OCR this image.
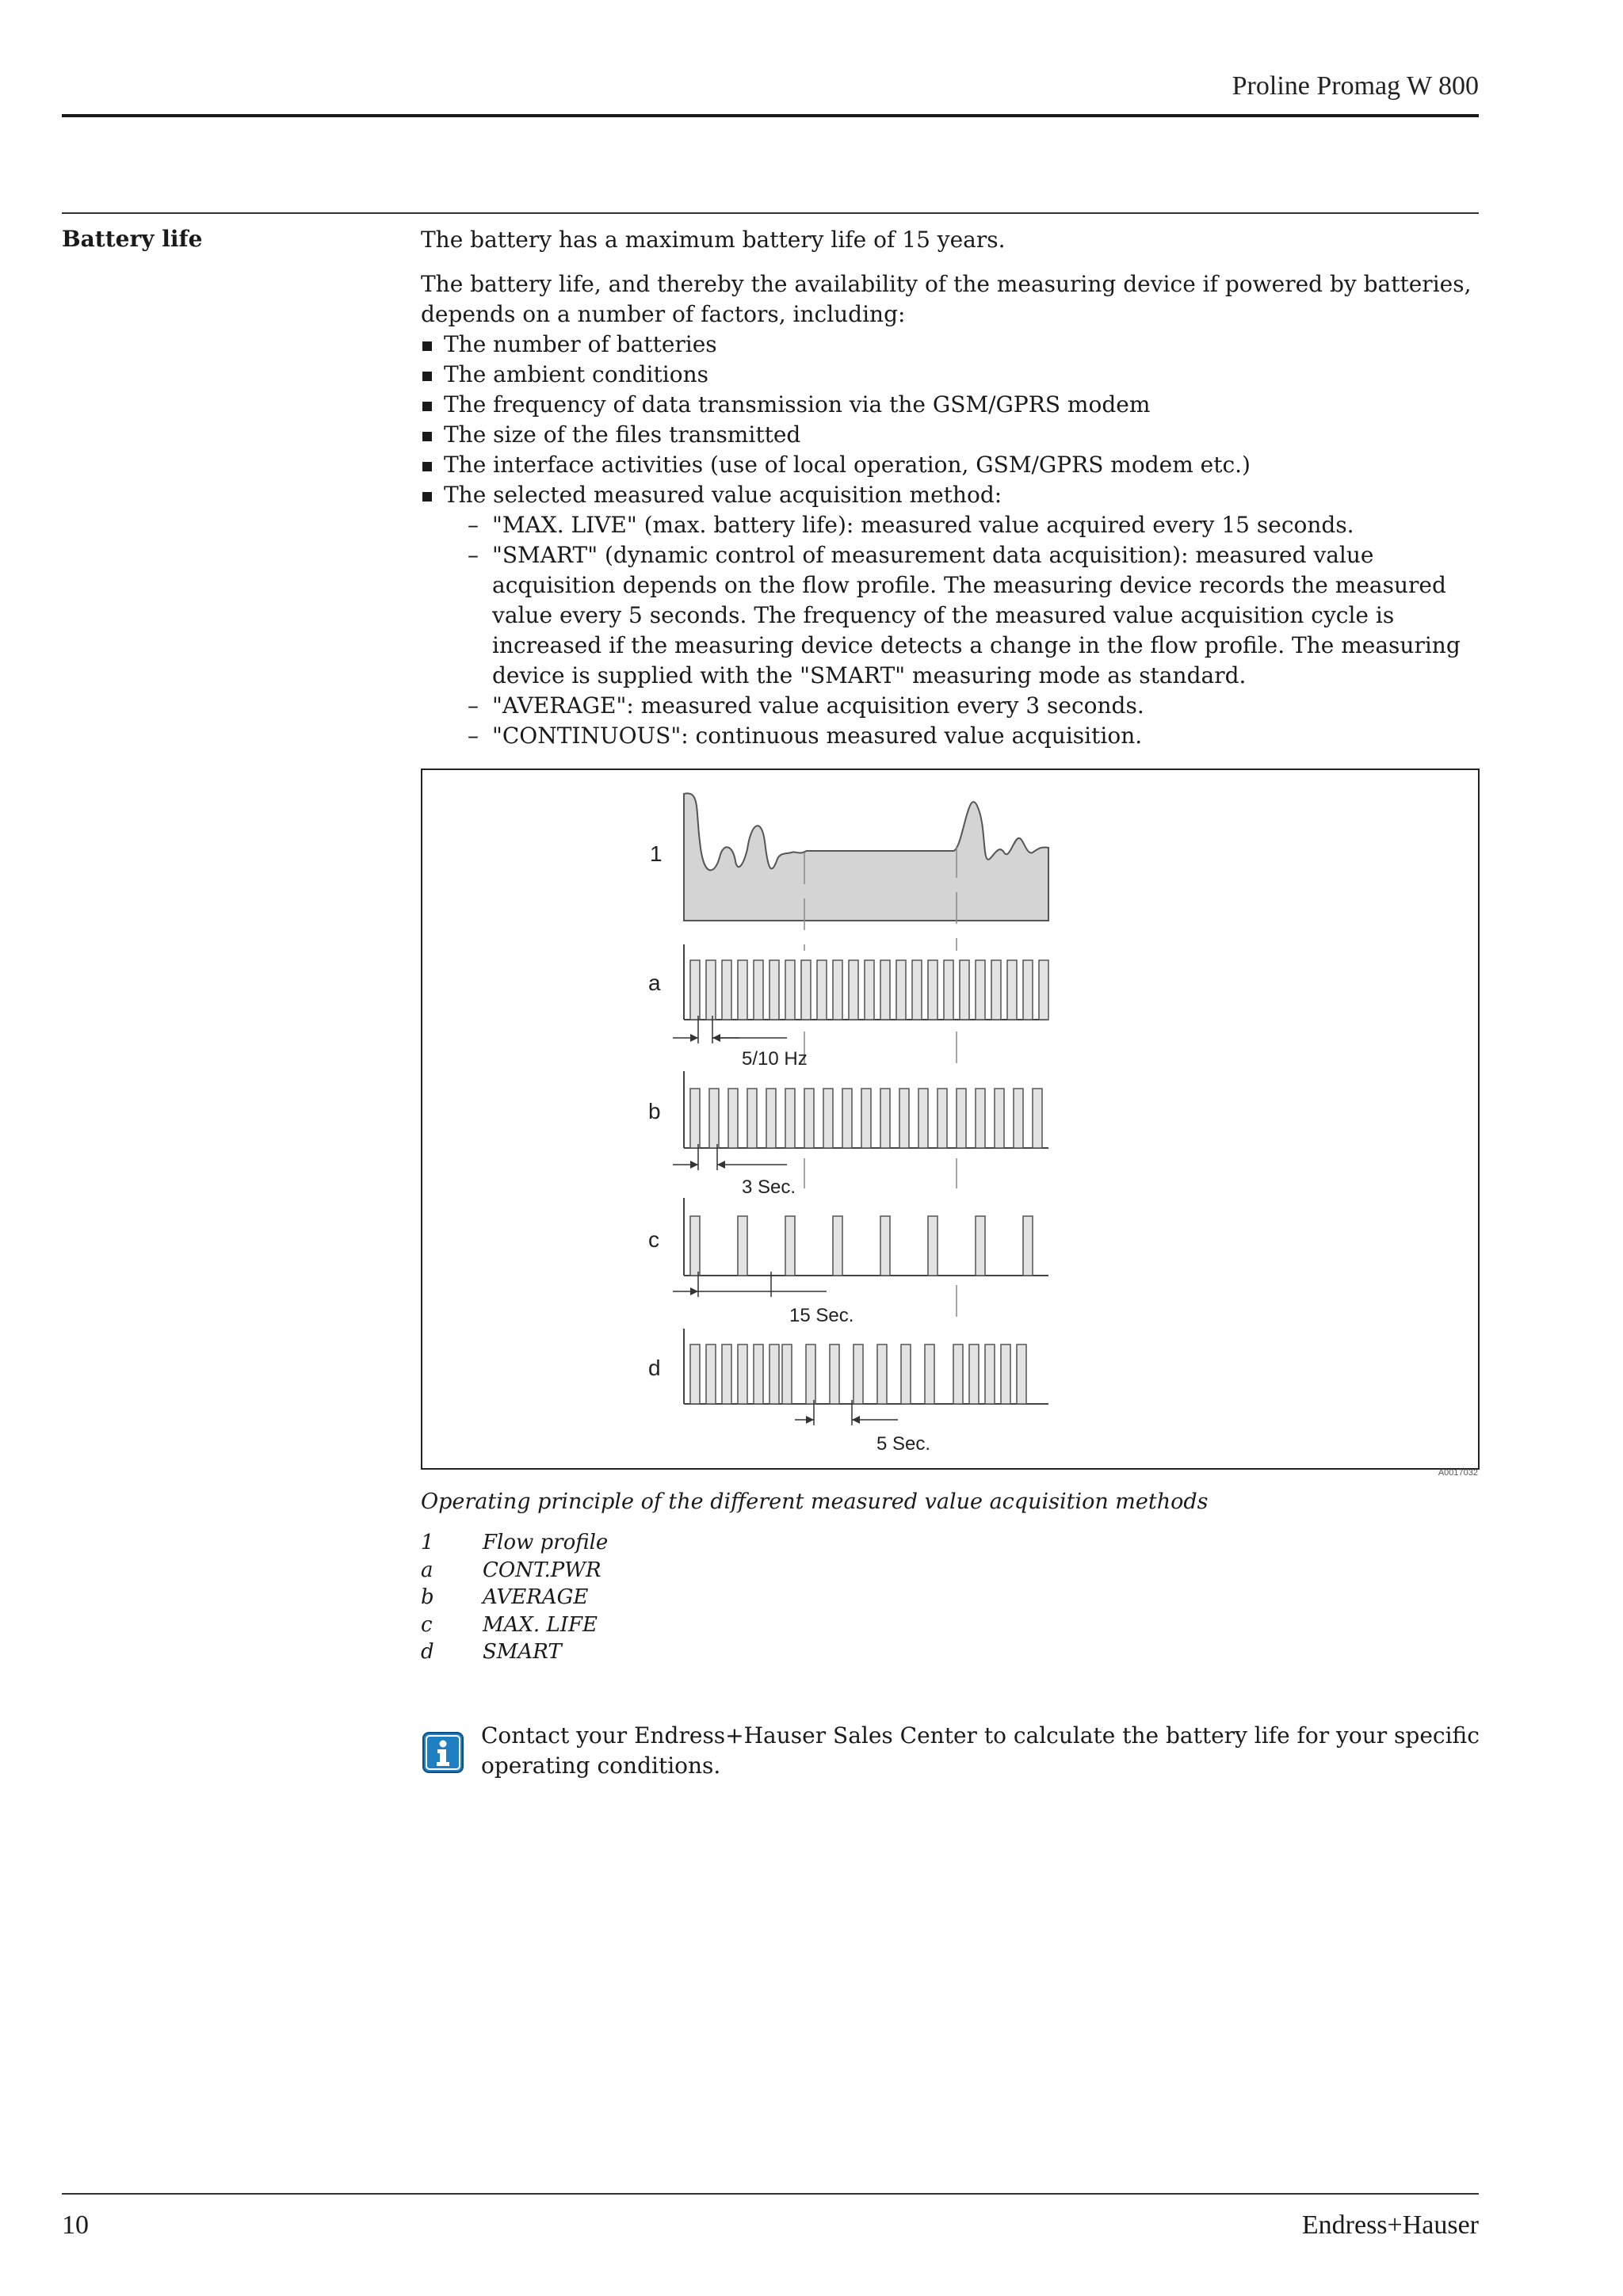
Proline Promag W 800
Battery life	The battery has a maximum battery life of 15 years.

The battery life, and thereby the availability of the measuring device if powered by batteries, depends on a number of factors, including:

The number of batteries
The ambient conditions
The frequency of data transmission via the GSM/GPRS modem
The size of the files transmitted
The interface activities (use of local operation, GSM/GPRS modem etc.)
The selected measured value acquisition method:
– "MAX. LIVE" (max. battery life): measured value acquired every 15 seconds.
– "SMART" (dynamic control of measurement data acquisition): measured value acquisition depends on the flow profile. The measuring device records the measured value every 5 seconds. The frequency of the measured value acquisition cycle is increased if the measuring device detects a change in the flow profile. The measuring device is supplied with the "SMART" measuring mode as standard.
– "AVERAGE": measured value acquisition every 3 seconds.
– "CONTINUOUS": continuous measured value acquisition.
1
a
b
c
d
5/10 Hz
3 Sec.
15 Sec.
5 Sec.
A0017032
Operating principle of the different measured value acquisition methods
1	Flow profile
a	CONT.PWR
b	AVERAGE
c	MAX. LIFE
d	SMART
Contact your Endress+Hauser Sales Center to calculate the battery life for your specific operating conditions.
10	Endress+Hauser
